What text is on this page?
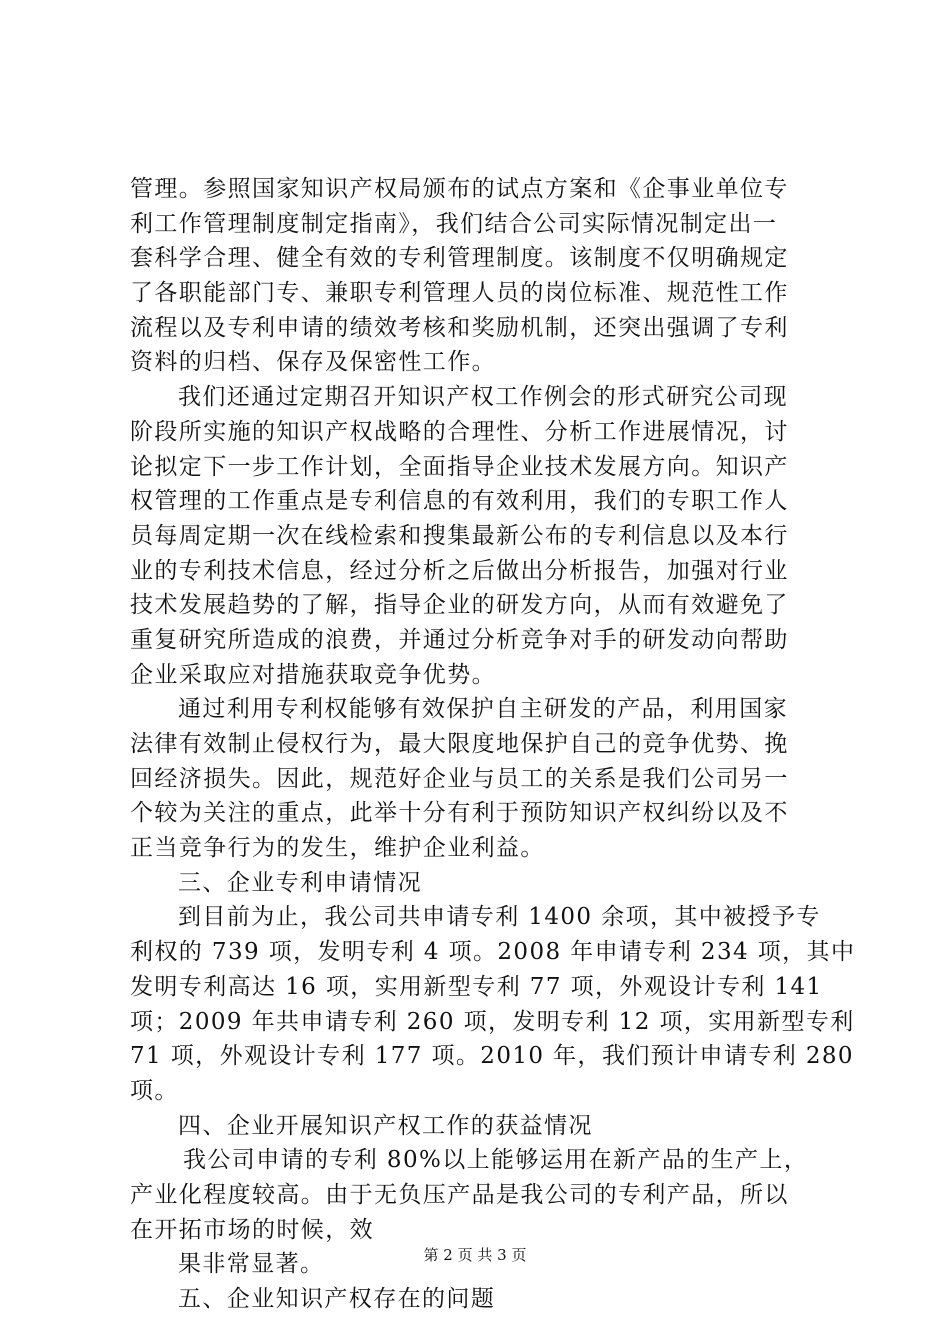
管理。参照国家知识产权局颁布的试点方案和《企事业单位专
利工作管理制度制定指南》，我们结合公司实际情况制定出一
套科学合理、健全有效的专利管理制度。该制度不仅明确规定
了各职能部门专、兼职专利管理人员的岗位标准、规范性工作
流程以及专利申请的绩效考核和奖励机制，还突出强调了专利
资料的归档、保存及保密性工作。
我们还通过定期召开知识产权工作例会的形式研究公司现
阶段所实施的知识产权战略的合理性、分析工作进展情况，讨
论拟定下一步工作计划，全面指导企业技术发展方向。知识产
权管理的工作重点是专利信息的有效利用，我们的专职工作人
员每周定期一次在线检索和搜集最新公布的专利信息以及本行
业的专利技术信息，经过分析之后做出分析报告，加强对行业
技术发展趋势的了解，指导企业的研发方向，从而有效避免了
重复研究所造成的浪费，并通过分析竞争对手的研发动向帮助
企业采取应对措施获取竞争优势。
通过利用专利权能够有效保护自主研发的产品，利用国家
法律有效制止侵权行为，最大限度地保护自己的竞争优势、挽
回经济损失。因此，规范好企业与员工的关系是我们公司另一
个较为关注的重点，此举十分有利于预防知识产权纠纷以及不
正当竞争行为的发生，维护企业利益。
三、企业专利申请情况
到目前为止，我公司共申请专利 1400 余项，其中被授予专
利权的 739 项，发明专利 4 项。2008 年申请专利 234 项，其中
发明专利高达 16 项，实用新型专利 77 项，外观设计专利 141
项；2009 年共申请专利 260 项，发明专利 12 项，实用新型专利
71 项，外观设计专利 177 项。2010 年，我们预计申请专利 280
项。
四、企业开展知识产权工作的获益情况
我公司申请的专利 80%以上能够运用在新产品的生产上，
产业化程度较高。由于无负压产品是我公司的专利产品，所以
在开拓市场的时候，效
果非常显著。
五、企业知识产权存在的问题
第 2 页 共 3 页
